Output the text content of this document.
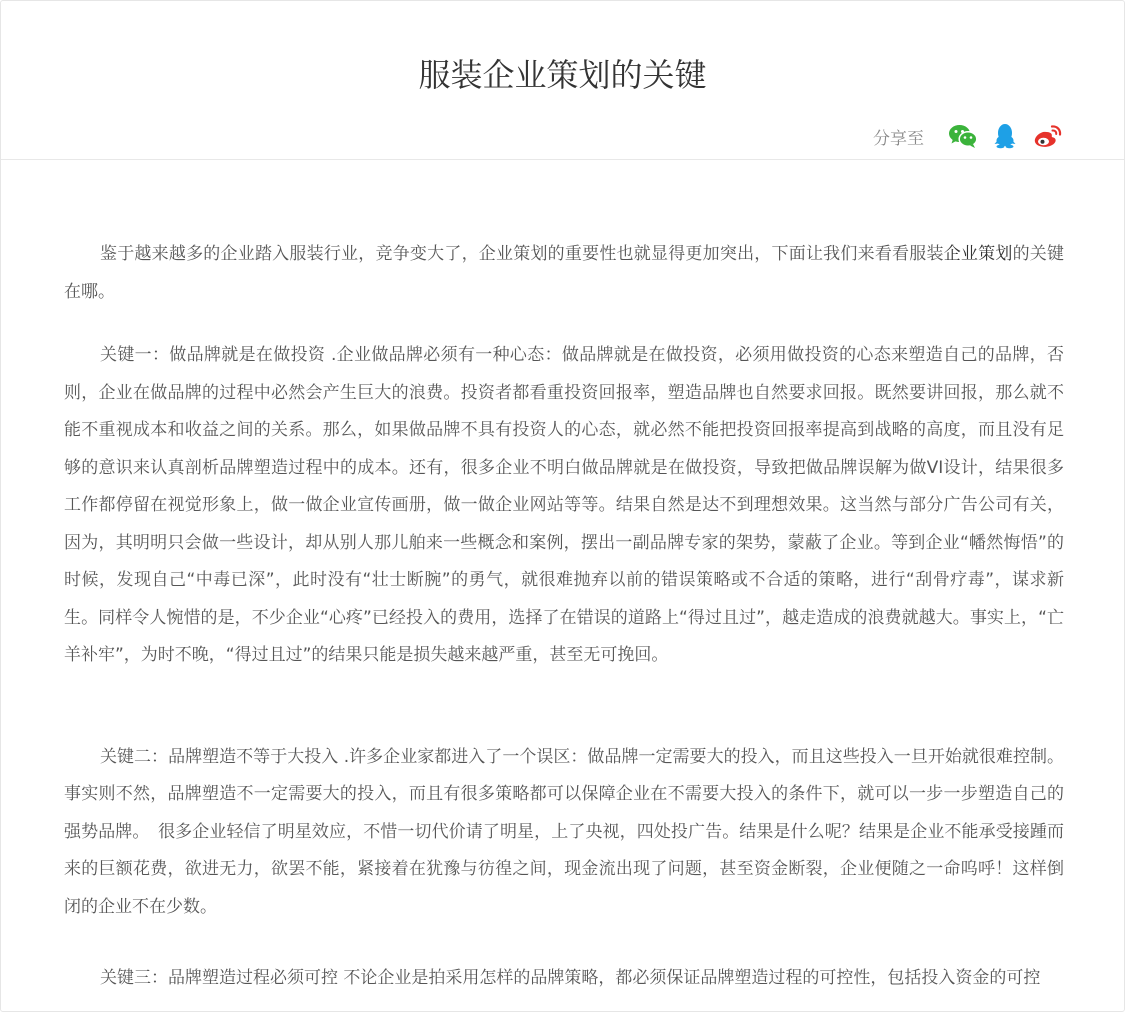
服装企业策划的关键
分享至

鉴于越来越多的企业踏入服装行业，竞争变大了，企业策划的重要性也就显得更加突出，下面让我们来看看服装企业策划的关键在哪。

关键一：做品牌就是在做投资 .企业做品牌必须有一种心态：做品牌就是在做投资，必须用做投资的心态来塑造自己的品牌，否则，企业在做品牌的过程中必然会产生巨大的浪费。投资者都看重投资回报率，塑造品牌也自然要求回报。既然要讲回报，那么就不能不重视成本和收益之间的关系。那么，如果做品牌不具有投资人的心态，就必然不能把投资回报率提高到战略的高度，而且没有足够的意识来认真剖析品牌塑造过程中的成本。还有，很多企业不明白做品牌就是在做投资，导致把做品牌误解为做VI设计，结果很多工作都停留在视觉形象上，做一做企业宣传画册，做一做企业网站等等。结果自然是达不到理想效果。这当然与部分广告公司有关，因为，其明明只会做一些设计，却从别人那儿舶来一些概念和案例，摆出一副品牌专家的架势，蒙蔽了企业。等到企业“幡然悔悟”的时候，发现自己“中毒已深”，此时没有“壮士断腕”的勇气，就很难抛弃以前的错误策略或不合适的策略，进行“刮骨疗毒”，谋求新生。同样令人惋惜的是，不少企业“心疼”已经投入的费用，选择了在错误的道路上“得过且过”，越走造成的浪费就越大。事实上，“亡羊补牢”，为时不晚，“得过且过”的结果只能是损失越来越严重，甚至无可挽回。

关键二：品牌塑造不等于大投入 .许多企业家都进入了一个误区：做品牌一定需要大的投入，而且这些投入一旦开始就很难控制。事实则不然，品牌塑造不一定需要大的投入，而且有很多策略都可以保障企业在不需要大投入的条件下，就可以一步一步塑造自己的强势品牌。　很多企业轻信了明星效应，不惜一切代价请了明星，上了央视，四处投广告。结果是什么呢？结果是企业不能承受接踵而来的巨额花费，欲进无力，欲罢不能，紧接着在犹豫与彷徨之间，现金流出现了问题，甚至资金断裂，企业便随之一命呜呼！这样倒闭的企业不在少数。

关键三：品牌塑造过程必须可控 不论企业是拍采用怎样的品牌策略，都必须保证品牌塑造过程的可控性，包括投入资金的可控
